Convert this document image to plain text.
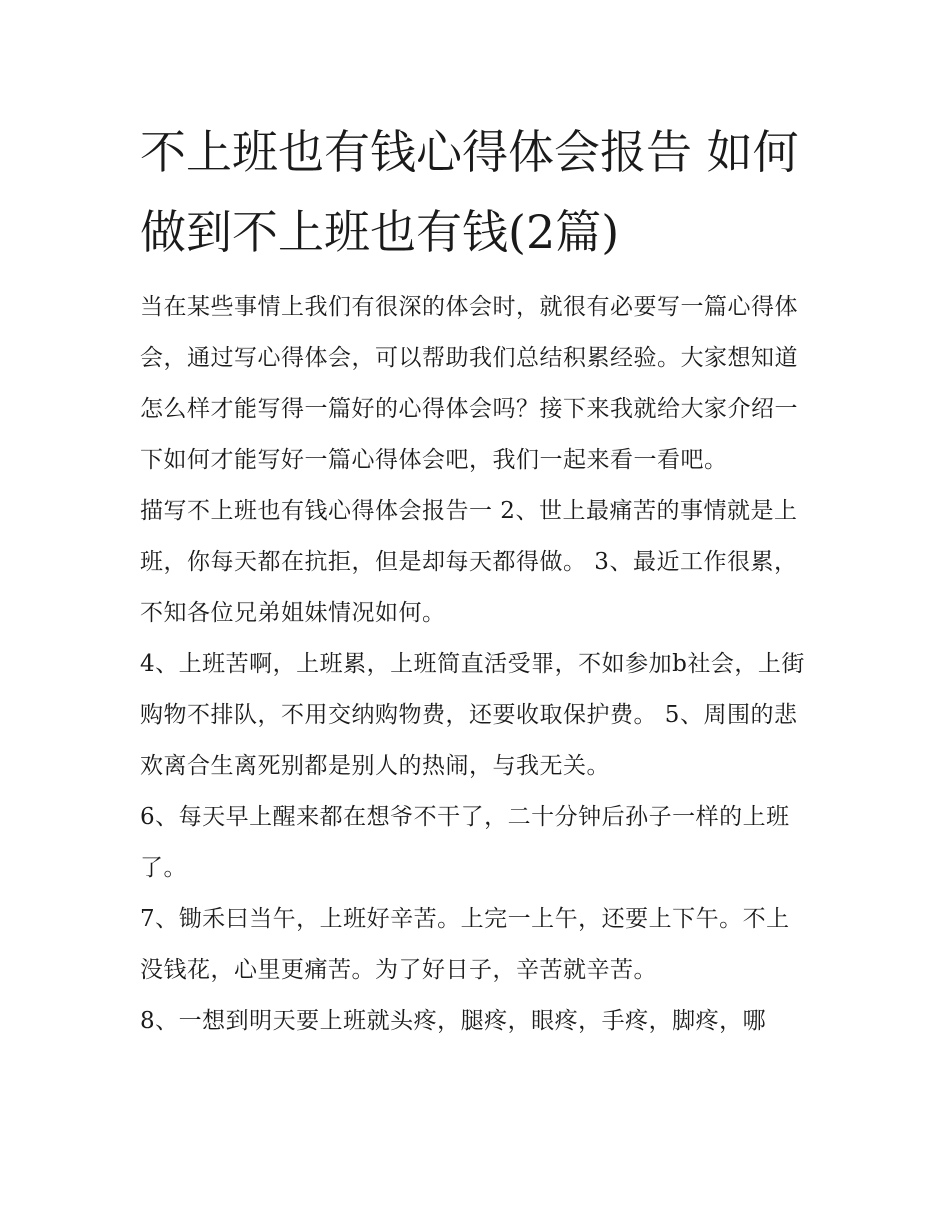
不上班也有钱心得体会报告 如何做到不上班也有钱(2篇)

当在某些事情上我们有很深的体会时，就很有必要写一篇心得体会，通过写心得体会，可以帮助我们总结积累经验。大家想知道怎么样才能写得一篇好的心得体会吗？接下来我就给大家介绍一下如何才能写好一篇心得体会吧，我们一起来看一看吧。

描写不上班也有钱心得体会报告一 2、世上最痛苦的事情就是上班，你每天都在抗拒，但是却每天都得做。 3、最近工作很累，不知各位兄弟姐妹情况如何。

4、上班苦啊，上班累，上班简直活受罪，不如参加b社会，上街购物不排队，不用交纳购物费，还要收取保护费。 5、周围的悲欢离合生离死别都是别人的热闹，与我无关。

6、每天早上醒来都在想爷不干了，二十分钟后孙子一样的上班了。

7、锄禾曰当午，上班好辛苦。上完一上午，还要上下午。不上没钱花，心里更痛苦。为了好日子，辛苦就辛苦。

8、一想到明天要上班就头疼，腿疼，眼疼，手疼，脚疼，哪
